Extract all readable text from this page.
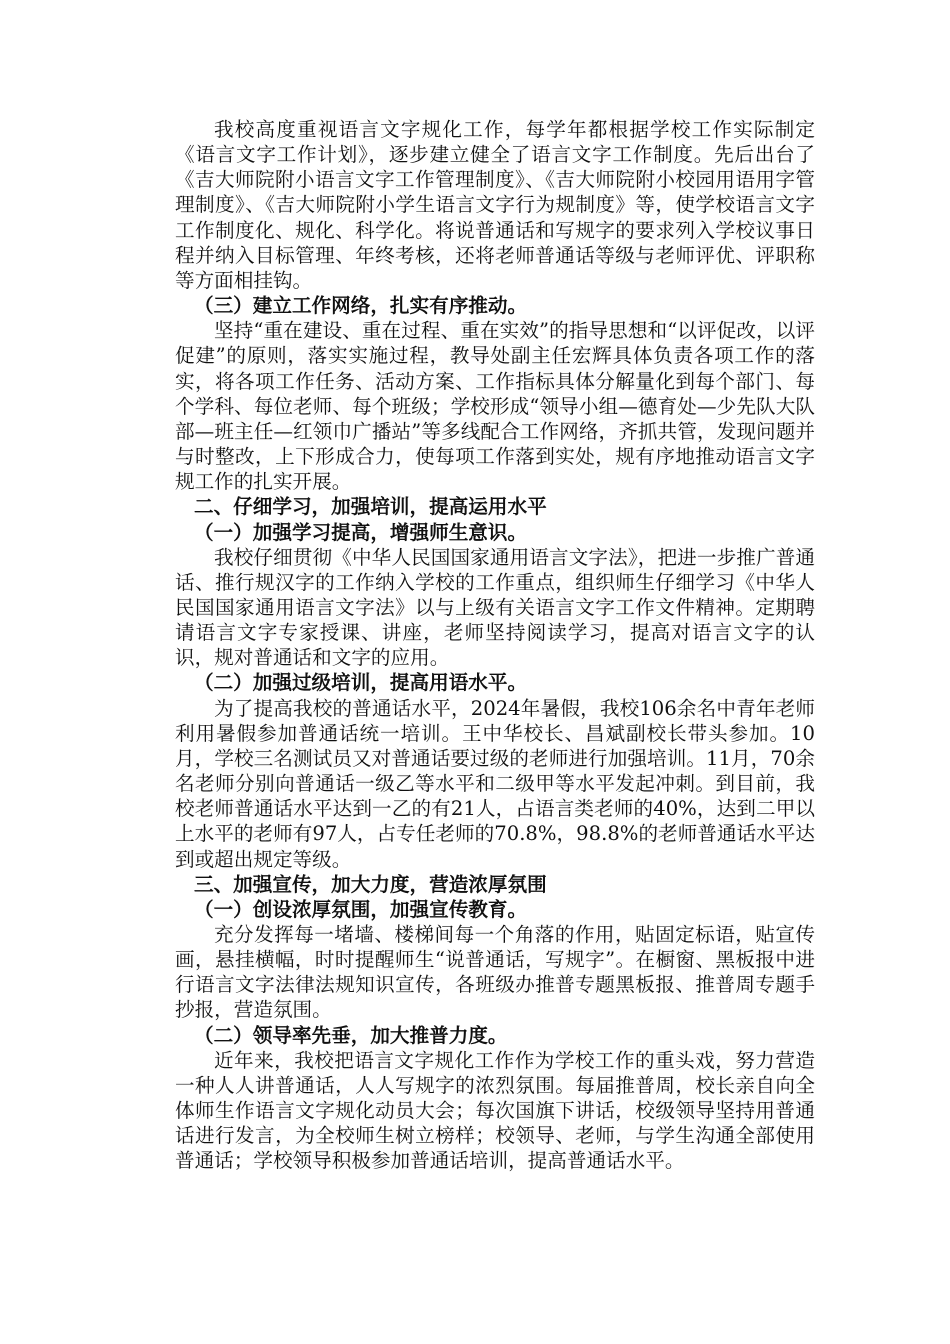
我校高度重视语言文字规化工作，每学年都根据学校工作实际制定《语言文字工作计划》，逐步建立健全了语言文字工作制度。先后出台了《吉大师院附小语言文字工作管理制度》、《吉大师院附小校园用语用字管理制度》、《吉大师院附小学生语言文字行为规制度》等，使学校语言文字工作制度化、规化、科学化。将说普通话和写规字的要求列入学校议事日程并纳入目标管理、年终考核，还将老师普通话等级与老师评优、评职称等方面相挂钩。

（三）建立工作网络，扎实有序推动。

坚持“重在建设、重在过程、重在实效”的指导思想和“以评促改，以评促建”的原则，落实实施过程，教导处副主任宏辉具体负责各项工作的落实，将各项工作任务、活动方案、工作指标具体分解量化到每个部门、每个学科、每位老师、每个班级；学校形成“领导小组—德育处—少先队大队部—班主任—红领巾广播站”等多线配合工作网络，齐抓共管，发现问题并与时整改，上下形成合力，使每项工作落到实处，规有序地推动语言文字规工作的扎实开展。

二、仔细学习，加强培训，提高运用水平

（一）加强学习提高，增强师生意识。

我校仔细贯彻《中华人民国国家通用语言文字法》，把进一步推广普通话、推行规汉字的工作纳入学校的工作重点，组织师生仔细学习《中华人民国国家通用语言文字法》以与上级有关语言文字工作文件精神。定期聘请语言文字专家授课、讲座，老师坚持阅读学习，提高对语言文字的认识，规对普通话和文字的应用。

（二）加强过级培训，提高用语水平。

为了提高我校的普通话水平，2024年暑假，我校106余名中青年老师利用暑假参加普通话统一培训。王中华校长、昌斌副校长带头参加。10月，学校三名测试员又对普通话要过级的老师进行加强培训。11月，70余名老师分别向普通话一级乙等水平和二级甲等水平发起冲刺。到目前，我校老师普通话水平达到一乙的有21人，占语言类老师的40%，达到二甲以上水平的老师有97人，占专任老师的70.8%，98.8%的老师普通话水平达到或超出规定等级。

三、加强宣传，加大力度，营造浓厚氛围

（一）创设浓厚氛围，加强宣传教育。

充分发挥每一堵墙、楼梯间每一个角落的作用，贴固定标语，贴宣传画，悬挂横幅，时时提醒师生“说普通话，写规字”。在橱窗、黑板报中进行语言文字法律法规知识宣传，各班级办推普专题黑板报、推普周专题手抄报，营造氛围。

（二）领导率先垂，加大推普力度。

近年来，我校把语言文字规化工作作为学校工作的重头戏，努力营造一种人人讲普通话，人人写规字的浓烈氛围。每届推普周，校长亲自向全体师生作语言文字规化动员大会；每次国旗下讲话，校级领导坚持用普通话进行发言，为全校师生树立榜样；校领导、老师，与学生沟通全部使用普通话；学校领导积极参加普通话培训，提高普通话水平。
